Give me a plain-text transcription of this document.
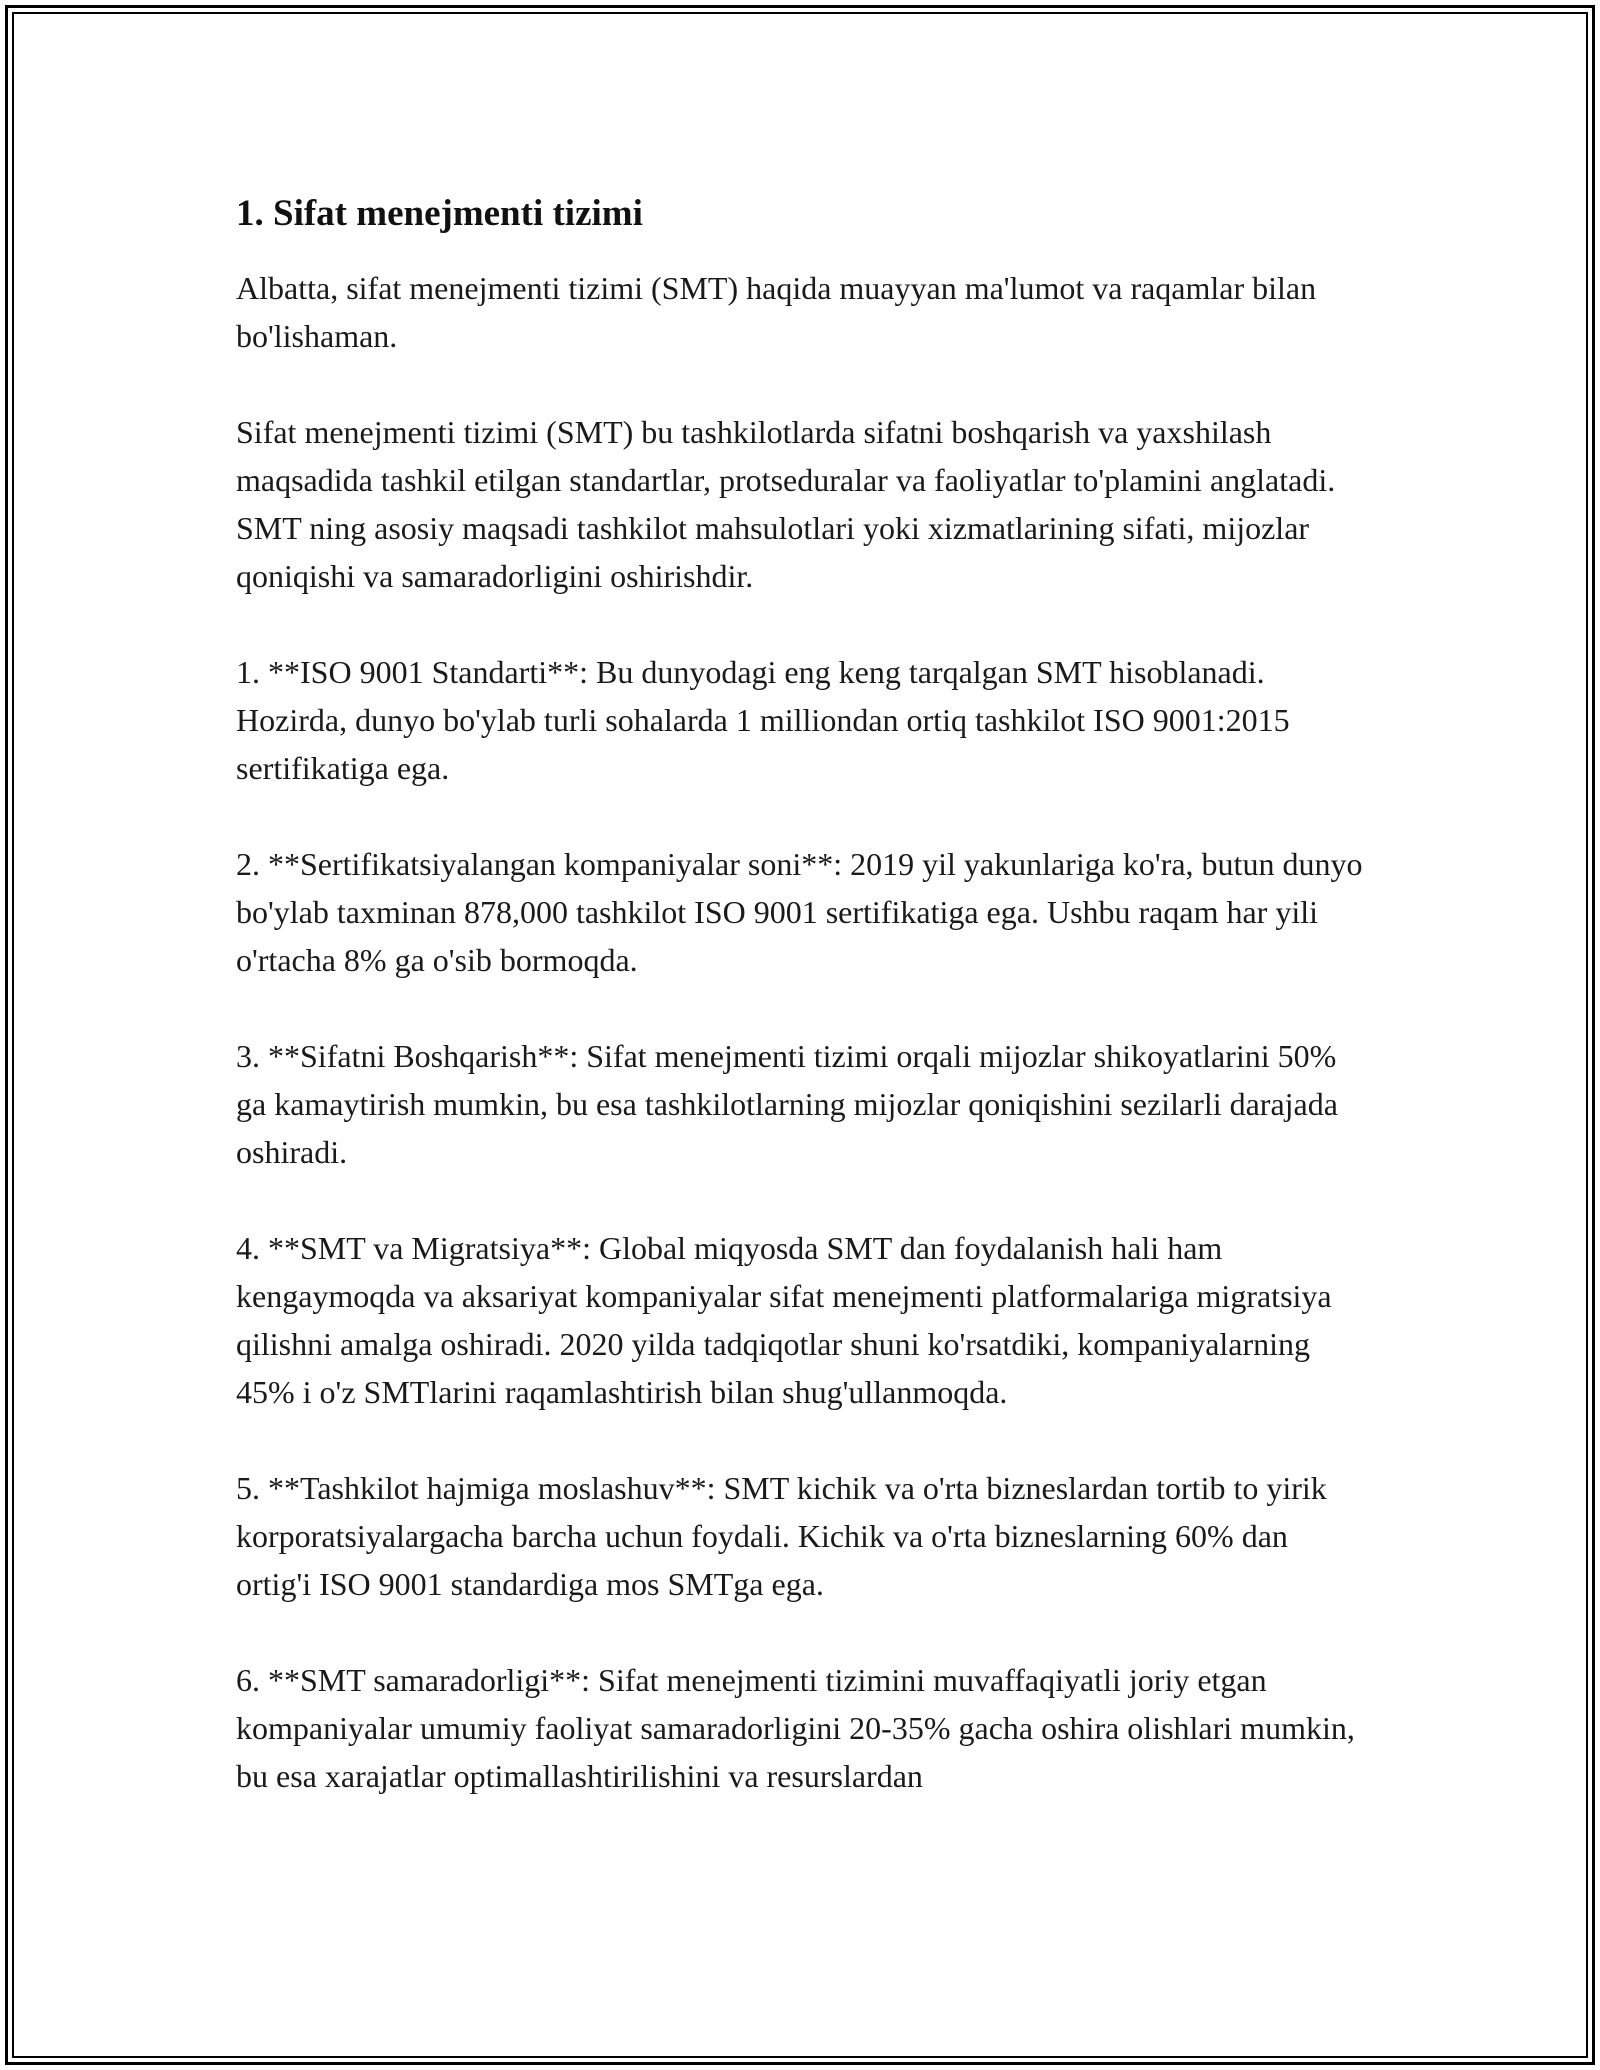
1. Sifat menejmenti tizimi

Albatta, sifat menejmenti tizimi (SMT) haqida muayyan ma'lumot va raqamlar bilan bo'lishaman.

Sifat menejmenti tizimi (SMT) bu tashkilotlarda sifatni boshqarish va yaxshilash maqsadida tashkil etilgan standartlar, protseduralar va faoliyatlar to'plamini anglatadi. SMT ning asosiy maqsadi tashkilot mahsulotlari yoki xizmatlarining sifati, mijozlar qoniqishi va samaradorligini oshirishdir.

1. **ISO 9001 Standarti**: Bu dunyodagi eng keng tarqalgan SMT hisoblanadi. Hozirda, dunyo bo'ylab turli sohalarda 1 milliondan ortiq tashkilot ISO 9001:2015 sertifikatiga ega.

2. **Sertifikatsiyalangan kompaniyalar soni**: 2019 yil yakunlariga ko'ra, butun dunyo bo'ylab taxminan 878,000 tashkilot ISO 9001 sertifikatiga ega. Ushbu raqam har yili o'rtacha 8% ga o'sib bormoqda.

3. **Sifatni Boshqarish**: Sifat menejmenti tizimi orqali mijozlar shikoyatlarini 50% ga kamaytirish mumkin, bu esa tashkilotlarning mijozlar qoniqishini sezilarli darajada oshiradi.

4. **SMT va Migratsiya**: Global miqyosda SMT dan foydalanish hali ham kengaymoqda va aksariyat kompaniyalar sifat menejmenti platformalariga migratsiya qilishni amalga oshiradi. 2020 yilda tadqiqotlar shuni ko'rsatdiki, kompaniyalarning 45% i o'z SMTlarini raqamlashtirish bilan shug'ullanmoqda.

5. **Tashkilot hajmiga moslashuv**: SMT kichik va o'rta bizneslardan tortib to yirik korporatsiyalargacha barcha uchun foydali. Kichik va o'rta bizneslarning 60% dan ortig'i ISO 9001 standardiga mos SMTga ega.

6. **SMT samaradorligi**: Sifat menejmenti tizimini muvaffaqiyatli joriy etgan kompaniyalar umumiy faoliyat samaradorligini 20-35% gacha oshira olishlari mumkin, bu esa xarajatlar optimallashtirilishini va resurslardan
